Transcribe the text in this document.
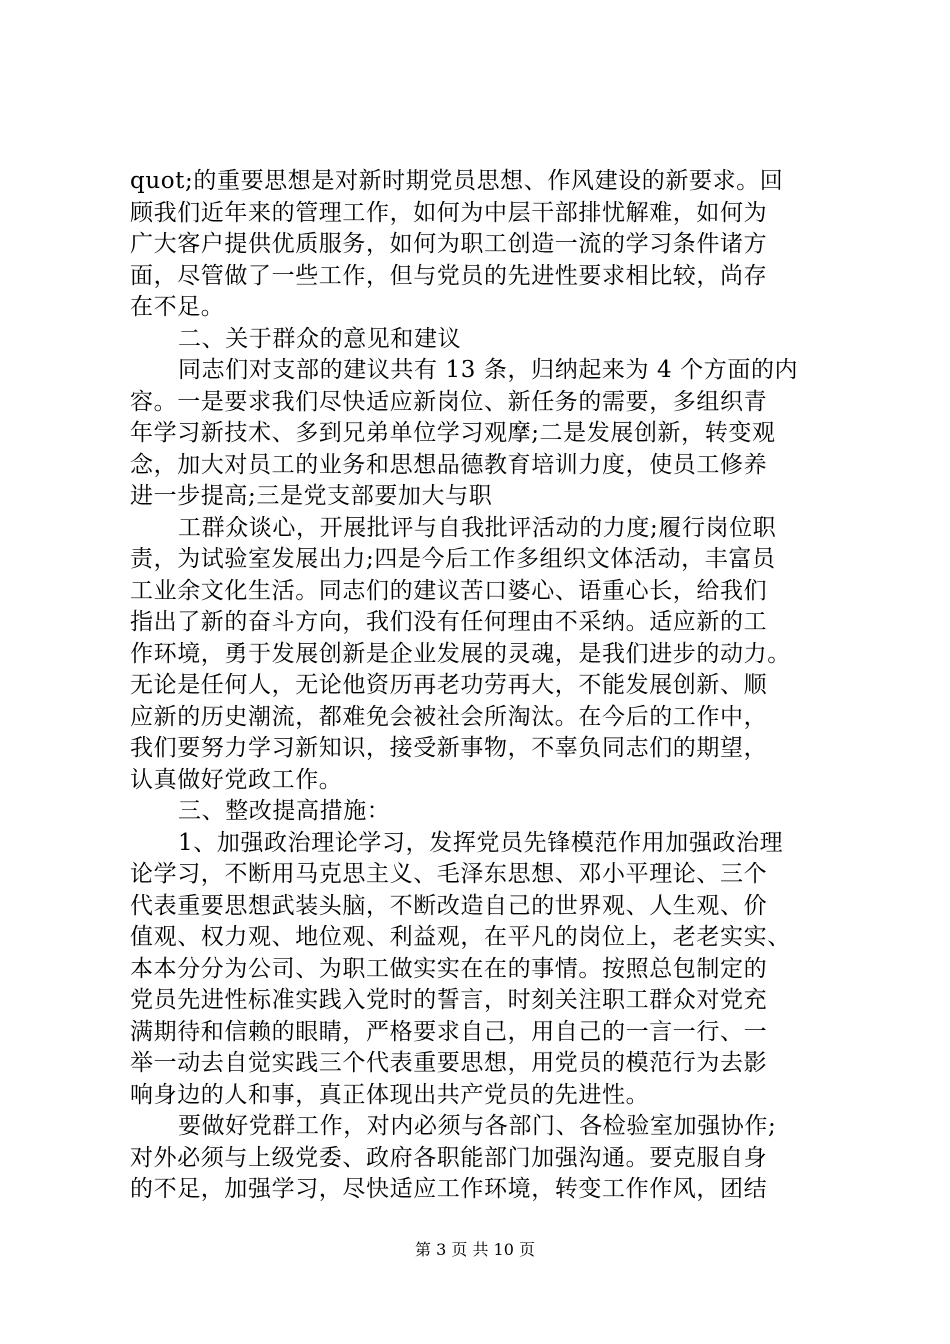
quot;的重要思想是对新时期党员思想、作风建设的新要求。回
顾我们近年来的管理工作，如何为中层干部排忧解难，如何为
广大客户提供优质服务，如何为职工创造一流的学习条件诸方
面，尽管做了一些工作，但与党员的先进性要求相比较，尚存
在不足。
二、关于群众的意见和建议
同志们对支部的建议共有 13 条，归纳起来为 4 个方面的内
容。一是要求我们尽快适应新岗位、新任务的需要，多组织青
年学习新技术、多到兄弟单位学习观摩;二是发展创新，转变观
念，加大对员工的业务和思想品德教育培训力度，使员工修养
进一步提高;三是党支部要加大与职
工群众谈心，开展批评与自我批评活动的力度;履行岗位职
责，为试验室发展出力;四是今后工作多组织文体活动，丰富员
工业余文化生活。同志们的建议苦口婆心、语重心长，给我们
指出了新的奋斗方向，我们没有任何理由不采纳。适应新的工
作环境，勇于发展创新是企业发展的灵魂，是我们进步的动力。
无论是任何人，无论他资历再老功劳再大，不能发展创新、顺
应新的历史潮流，都难免会被社会所淘汰。在今后的工作中，
我们要努力学习新知识，接受新事物，不辜负同志们的期望，
认真做好党政工作。
三、整改提高措施：
1、加强政治理论学习，发挥党员先锋模范作用加强政治理
论学习，不断用马克思主义、毛泽东思想、邓小平理论、三个
代表重要思想武装头脑，不断改造自己的世界观、人生观、价
值观、权力观、地位观、利益观，在平凡的岗位上，老老实实、
本本分分为公司、为职工做实实在在的事情。按照总包制定的
党员先进性标准实践入党时的誓言，时刻关注职工群众对党充
满期待和信赖的眼睛，严格要求自己，用自己的一言一行、一
举一动去自觉实践三个代表重要思想，用党员的模范行为去影
响身边的人和事，真正体现出共产党员的先进性。
要做好党群工作，对内必须与各部门、各检验室加强协作;
对外必须与上级党委、政府各职能部门加强沟通。要克服自身
的不足，加强学习，尽快适应工作环境，转变工作作风，团结
第 3 页 共 10 页
